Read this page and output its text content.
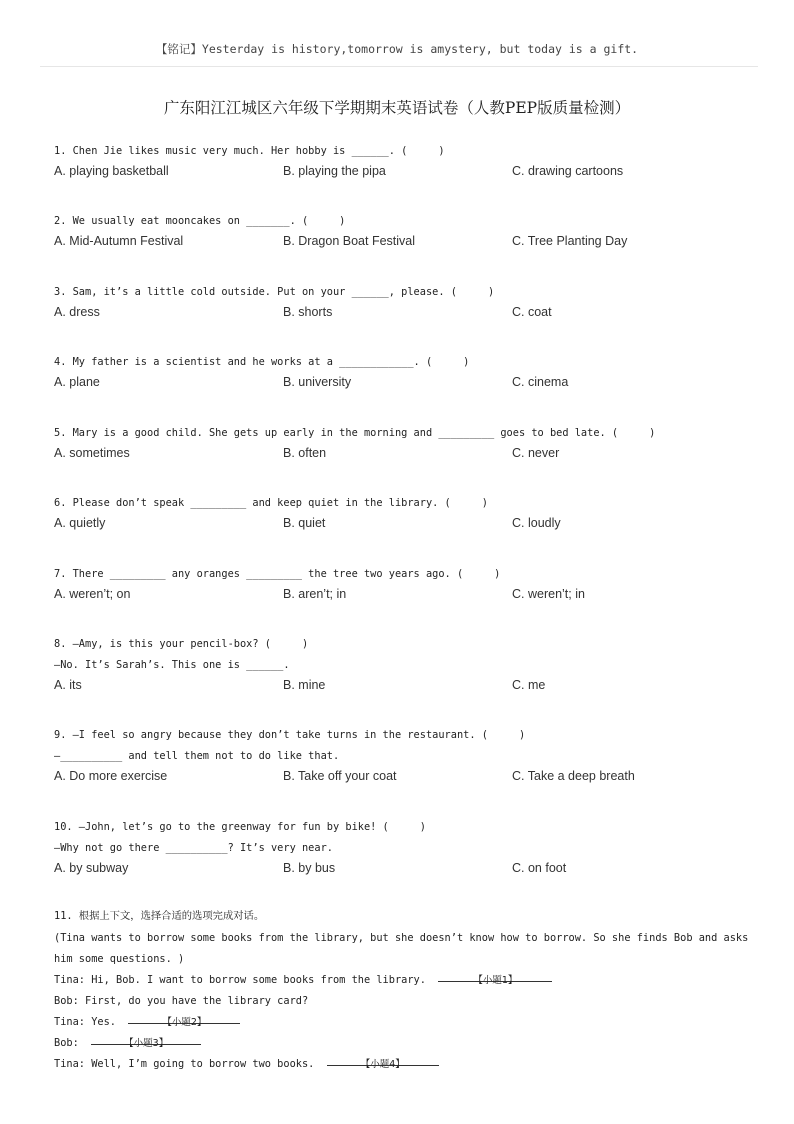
【铭记】Yesterday is history,tomorrow is amystery, but today is a gift.
广东阳江江城区六年级下学期期末英语试卷（人教PEP版质量检测）
1. Chen Jie likes music very much. Her hobby is ______. (     )
A. playing basketball	B. playing the pipa	C. drawing cartoons
2. We usually eat mooncakes on _______. (     )
A. Mid-Autumn Festival	B. Dragon Boat Festival	C. Tree Planting Day
3. Sam, it’s a little cold outside. Put on your ______, please. (     )
A. dress	B. shorts	C. coat
4. My father is a scientist and he works at a ____________. (     )
A. plane	B. university	C. cinema
5. Mary is a good child. She gets up early in the morning and _________ goes to bed late. (     )
A. sometimes	B. often	C. never
6. Please don’t speak _________ and keep quiet in the library. (     )
A. quietly	B. quiet	C. loudly
7. There _________ any oranges _________ the tree two years ago. (     )
A. weren’t; on	B. aren’t; in	C. weren’t; in
8. —Amy, is this your pencil-box? (     )
—No. It’s Sarah’s. This one is ______.
A. its	B. mine	C. me
9. —I feel so angry because they don’t take turns in the restaurant. (     )
—__________ and tell them not to do like that.
A. Do more exercise	B. Take off your coat	C. Take a deep breath
10. —John, let’s go to the greenway for fun by bike! (     )
—Why not go there __________? It’s very near.
A. by subway	B. by bus	C. on foot
11. 根据上下文，选择合适的选项完成对话。
(Tina wants to borrow some books from the library, but she doesn’t know how to borrow. So she finds Bob and asks
him some questions. )
Tina: Hi, Bob. I want to borrow some books from the library.	【小题1】
Bob: First, do you have the library card?
Tina: Yes.	【小题2】
Bob:	【小题3】
Tina: Well, I’m going to borrow two books.	【小题4】
